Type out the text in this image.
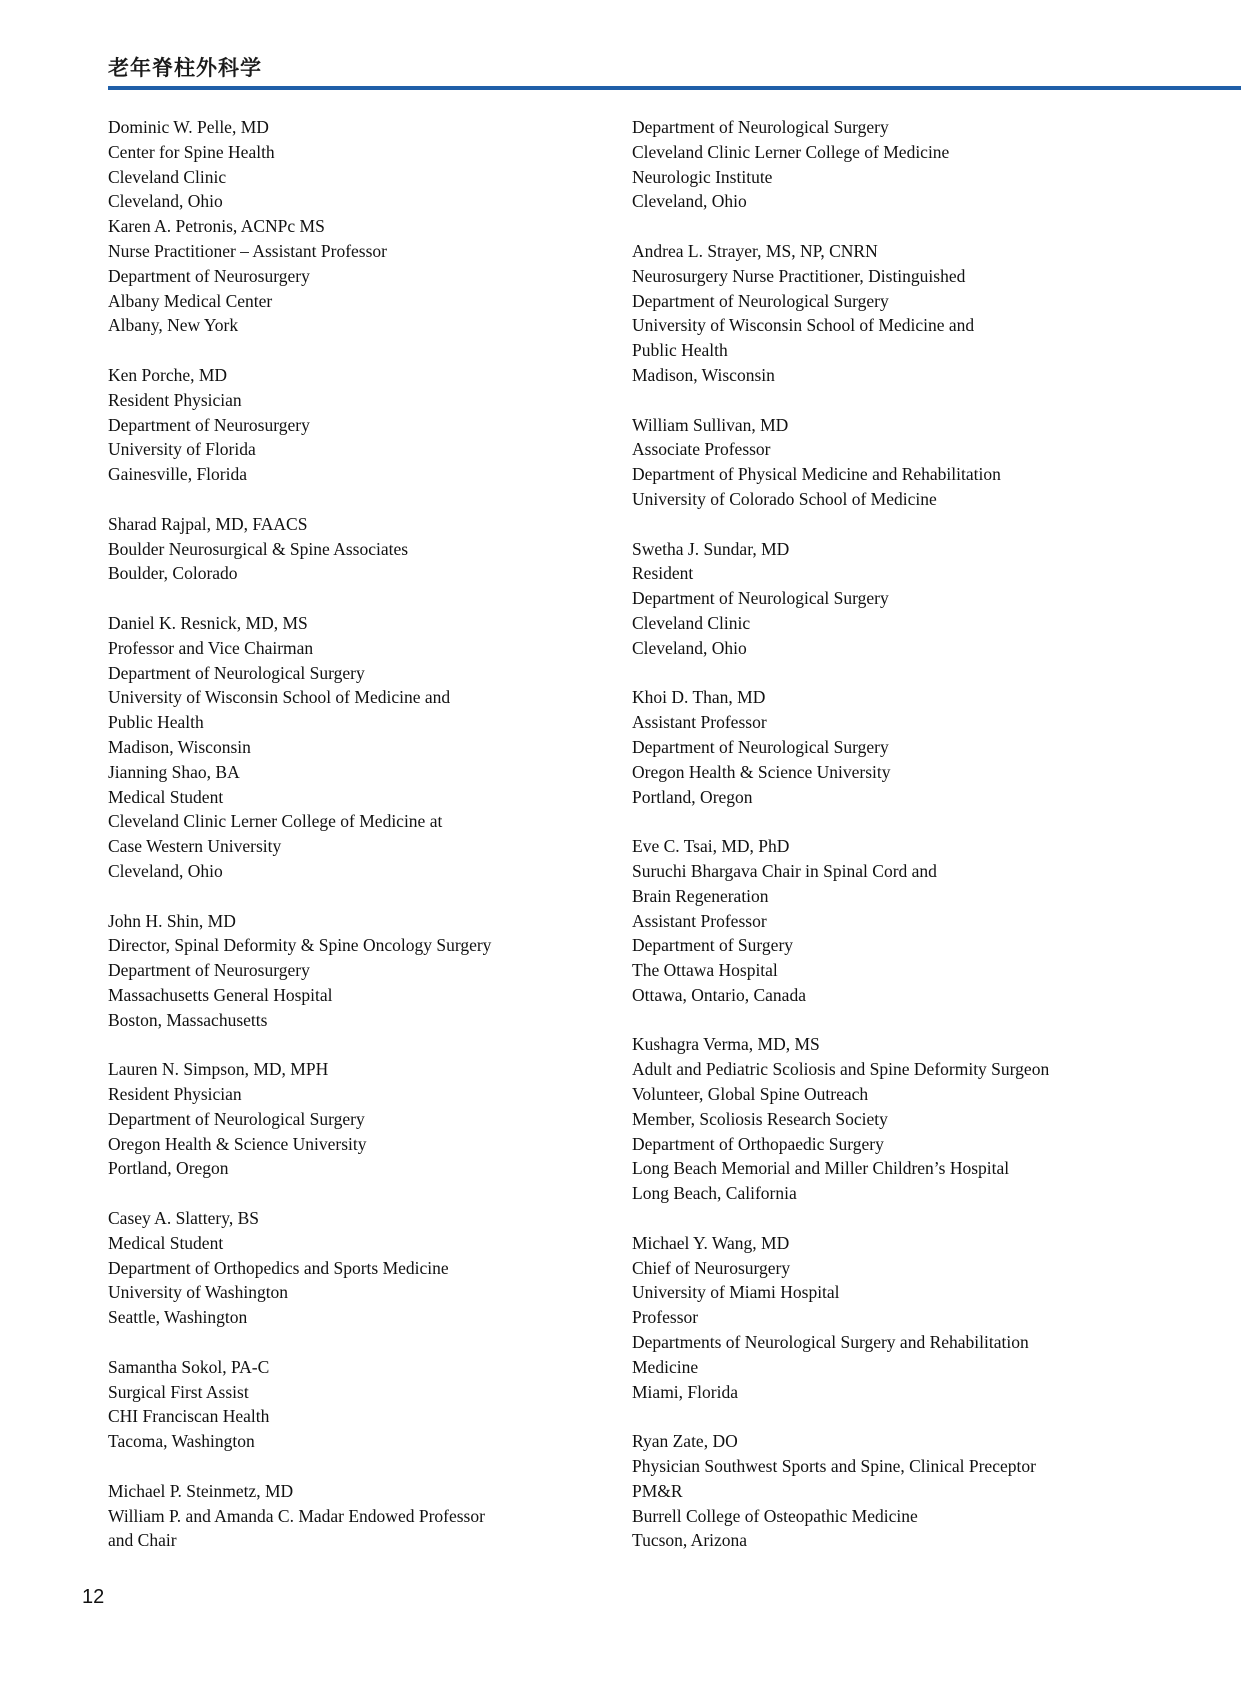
老年脊柱外科学
Dominic W. Pelle, MD
Center for Spine Health
Cleveland Clinic
Cleveland, Ohio
Karen A. Petronis, ACNPc MS
Nurse Practitioner – Assistant Professor
Department of Neurosurgery
Albany Medical Center
Albany, New York
Ken Porche, MD
Resident Physician
Department of Neurosurgery
University of Florida
Gainesville, Florida
Sharad Rajpal, MD, FAACS
Boulder Neurosurgical & Spine Associates
Boulder, Colorado
Daniel K. Resnick, MD, MS
Professor and Vice Chairman
Department of Neurological Surgery
University of Wisconsin School of Medicine and
Public Health
Madison, Wisconsin
Jianning Shao, BA
Medical Student
Cleveland Clinic Lerner College of Medicine at
Case Western University
Cleveland, Ohio
John H. Shin, MD
Director, Spinal Deformity & Spine Oncology Surgery
Department of Neurosurgery
Massachusetts General Hospital
Boston, Massachusetts
Lauren N. Simpson, MD, MPH
Resident Physician
Department of Neurological Surgery
Oregon Health & Science University
Portland, Oregon
Casey A. Slattery, BS
Medical Student
Department of Orthopedics and Sports Medicine
University of Washington
Seattle, Washington
Samantha Sokol, PA-C
Surgical First Assist
CHI Franciscan Health
Tacoma, Washington
Michael P. Steinmetz, MD
William P. and Amanda C. Madar Endowed Professor
and Chair
Department of Neurological Surgery
Cleveland Clinic Lerner College of Medicine
Neurologic Institute
Cleveland, Ohio
Andrea L. Strayer, MS, NP, CNRN
Neurosurgery Nurse Practitioner, Distinguished
Department of Neurological Surgery
University of Wisconsin School of Medicine and
Public Health
Madison, Wisconsin
William Sullivan, MD
Associate Professor
Department of Physical Medicine and Rehabilitation
University of Colorado School of Medicine
Swetha J. Sundar, MD
Resident
Department of Neurological Surgery
Cleveland Clinic
Cleveland, Ohio
Khoi D. Than, MD
Assistant Professor
Department of Neurological Surgery
Oregon Health & Science University
Portland, Oregon
Eve C. Tsai, MD, PhD
Suruchi Bhargava Chair in Spinal Cord and
Brain Regeneration
Assistant Professor
Department of Surgery
The Ottawa Hospital
Ottawa, Ontario, Canada
Kushagra Verma, MD, MS
Adult and Pediatric Scoliosis and Spine Deformity Surgeon
Volunteer, Global Spine Outreach
Member, Scoliosis Research Society
Department of Orthopaedic Surgery
Long Beach Memorial and Miller Children’s Hospital
Long Beach, California
Michael Y. Wang, MD
Chief of Neurosurgery
University of Miami Hospital
Professor
Departments of Neurological Surgery and Rehabilitation
Medicine
Miami, Florida
Ryan Zate, DO
Physician Southwest Sports and Spine, Clinical Preceptor
PM&R
Burrell College of Osteopathic Medicine
Tucson, Arizona
12
